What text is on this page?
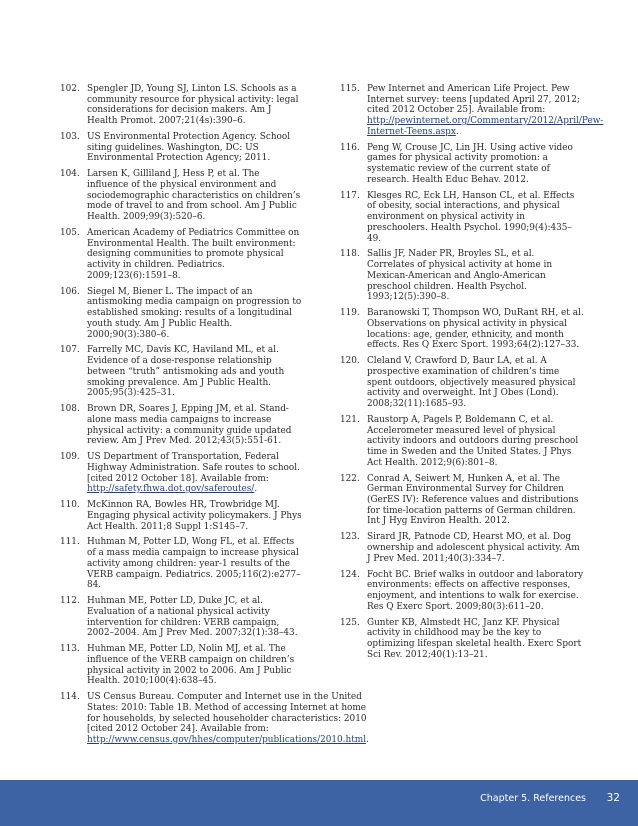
102. Spengler JD, Young SJ, Linton LS. Schools as a community resource for physical activity: legal considerations for decision makers. Am J Health Promot. 2007;21(4s):390–6.
103. US Environmental Protection Agency. School siting guidelines. Washington, DC: US Environmental Protection Agency; 2011.
104. Larsen K, Gilliland J, Hess P, et al. The influence of the physical environment and sociodemographic characteristics on children’s mode of travel to and from school. Am J Public Health. 2009;99(3):520–6.
105. American Academy of Pediatrics Committee on Environmental Health. The built environment: designing communities to promote physical activity in children. Pediatrics. 2009;123(6):1591–8.
106. Siegel M, Biener L. The impact of an antismoking media campaign on progression to established smoking: results of a longitudinal youth study. Am J Public Health. 2000;90(3):380–6.
107. Farrelly MC, Davis KC, Haviland ML, et al. Evidence of a dose-response relationship between “truth” antismoking ads and youth smoking prevalence. Am J Public Health. 2005;95(3):425–31.
108. Brown DR, Soares J, Epping JM, et al. Stand-alone mass media campaigns to increase physical activity: a community guide updated review. Am J Prev Med. 2012;43(5):551-61.
109. US Department of Transportation, Federal Highway Administration. Safe routes to school. [cited 2012 October 18]. Available from: http://safety.fhwa.dot.gov/saferoutes/.
110. McKinnon RA, Bowles HR, Trowbridge MJ. Engaging physical activity policymakers. J Phys Act Health. 2011;8 Suppl 1:S145–7.
111. Huhman M, Potter LD, Wong FL, et al. Effects of a mass media campaign to increase physical activity among children: year-1 results of the VERB campaign. Pediatrics. 2005;116(2):e277–84.
112. Huhman ME, Potter LD, Duke JC, et al. Evaluation of a national physical activity intervention for children: VERB campaign, 2002–2004. Am J Prev Med. 2007;32(1):38–43.
113. Huhman ME, Potter LD, Nolin MJ, et al. The influence of the VERB campaign on children’s physical activity in 2002 to 2006. Am J Public Health. 2010;100(4):638–45.
114. US Census Bureau. Computer and Internet use in the United States: 2010: Table 1B. Method of accessing Internet at home for households, by selected householder characteristics: 2010 [cited 2012 October 24]. Available from: http://www.census.gov/hhes/computer/publications/2010.html.
115. Pew Internet and American Life Project. Pew Internet survey: teens [updated April 27, 2012; cited 2012 October 25]. Available from: http://pewinternet.org/Commentary/2012/April/Pew-Internet-Teens.aspx.
116. Peng W, Crouse JC, Lin JH. Using active video games for physical activity promotion: a systematic review of the current state of research. Health Educ Behav. 2012.
117. Klesges RC, Eck LH, Hanson CL, et al. Effects of obesity, social interactions, and physical environment on physical activity in preschoolers. Health Psychol. 1990;9(4):435–49.
118. Sallis JF, Nader PR, Broyles SL, et al. Correlates of physical activity at home in Mexican-American and Anglo-American preschool children. Health Psychol. 1993;12(5):390–8.
119. Baranowski T, Thompson WO, DuRant RH, et al. Observations on physical activity in physical locations: age, gender, ethnicity, and month effects. Res Q Exerc Sport. 1993;64(2):127–33.
120. Cleland V, Crawford D, Baur LA, et al. A prospective examination of children’s time spent outdoors, objectively measured physical activity and overweight. Int J Obes (Lond). 2008;32(11):1685–93.
121. Raustorp A, Pagels P, Boldemann C, et al. Accelerometer measured level of physical activity indoors and outdoors during preschool time in Sweden and the United States. J Phys Act Health. 2012;9(6):801–8.
122. Conrad A, Seiwert M, Hunken A, et al. The German Environmental Survey for Children (GerES IV): Reference values and distributions for time-location patterns of German children. Int J Hyg Environ Health. 2012.
123. Sirard JR, Patnode CD, Hearst MO, et al. Dog ownership and adolescent physical activity. Am J Prev Med. 2011;40(3):334–7.
124. Focht BC. Brief walks in outdoor and laboratory environments: effects on affective responses, enjoyment, and intentions to walk for exercise. Res Q Exerc Sport. 2009;80(3):611–20.
125. Gunter KB, Almstedt HC, Janz KF. Physical activity in childhood may be the key to optimizing lifespan skeletal health. Exerc Sport Sci Rev. 2012;40(1):13–21.
Chapter 5. References 32
